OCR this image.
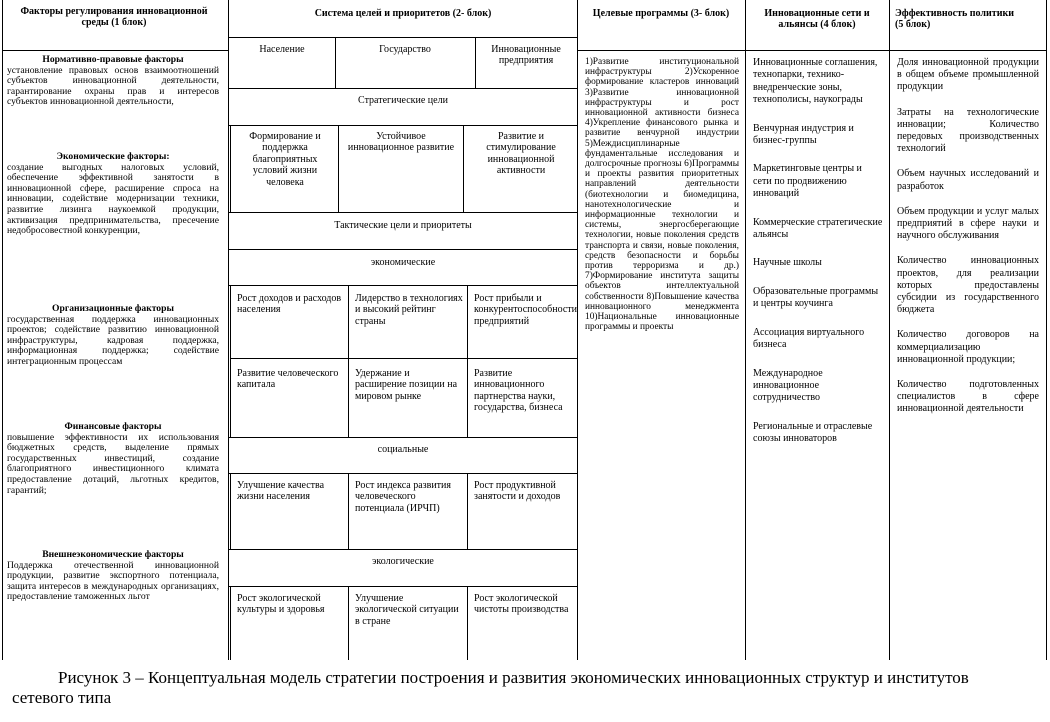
Факторы регулирования инновационной среды (1 блок)
Нормативно-правовые факторы
установление правовых основ взаимоотношений субъектов инновационной деятельности, гарантирование охраны прав и интересов субъектов инновационной деятельности,
Экономические факторы:
создание выгодных налоговых условий, обеспечение эффективной занятости в инновационной сфере, расширение спроса на инновации, содействие модернизации техники, развитие лизинга наукоемкой продукции, активизация предпринимательства, пресечение недобросовестной конкуренции,
Организационные факторы
государственная поддержка инновационных проектов; содействие развитию инновационной инфраструктуры, кадровая поддержка, информационная поддержка; содействие интеграционным процессам
Финансовые факторы
повышение эффективности их использования бюджетных средств, выделение прямых государственных инвестиций, создание благоприятного инвестиционного климата предоставление дотаций, льготных кредитов, гарантий;
Внешнеэкономические факторы
Поддержка отечественной инновационной продукции, развитие экспортного потенциала, защита интересов в международных организациях, предоставление таможенных льгот
Система целей и приоритетов (2- блок)
Население	Государство	Инновационные предприятия
Стратегические цели
Формирование и поддержка благоприятных условий жизни человека
Устойчивое инновационное развитие
Развитие и стимулирование инновационной активности
Тактические цели и приоритеты
экономические
Рост доходов и расходов населения
Лидерство в технологиях и высокий рейтинг страны
Рост прибыли и конкурентоспособности предприятий
Развитие человеческого капитала
Удержание и расширение позиции на мировом рынке
Развитие инновационного партнерства науки, государства, бизнеса
социальные
Улучшение качества жизни населения
Рост индекса развития человеческого потенциала (ИРЧП)
Рост продуктивной занятости и доходов
экологические
Рост экологической культуры и здоровья
Улучшение экологической ситуации в стране
Рост экологической чистоты производства
Целевые программы (3- блок)
1)Развитие институциональной инфраструктуры 2)Ускоренное формирование кластеров инноваций 3)Развитие инновационной инфраструктуры и рост инновационной активности бизнеса 4)Укрепление финансового рынка и развитие венчурной индустрии 5)Междисциплинарные фундаментальные исследования и долгосрочные прогнозы 6)Программы и проекты развития приоритетных направлений деятельности (биотехнологии и биомедицина, нанотехнологические и информационные технологии и системы, энергосберегающие технологии, новые поколения средств транспорта и связи, новые поколения, средств безопасности и борьбы против терроризма и др.) 7)Формирование института защиты объектов интеллектуальной собственности 8)Повышение качества инновационного менеджмента 10)Национальные инновационные программы и проекты
Инновационные сети и альянсы (4 блок)
Инновационные соглашения, технопарки, технико-внедренческие зоны, технополисы, наукограды
Венчурная индустрия и бизнес-группы
Маркетинговые центры и сети по продвижению инноваций
Коммерческие стратегические альянсы
Научные школы
Образовательные программы и центры коучинга
Ассоциация виртуального бизнеса
Международное инновационное сотрудничество
Региональные и отраслевые союзы инноваторов
Эффективность политики (5 блок)
Доля инновационной продукции в общем объеме промышленной продукции
Затраты на технологические инновации; Количество передовых производственных технологий
Объем научных исследований и разработок
Объем продукции и услуг малых предприятий в сфере науки и научного обслуживания
Количество инновационных проектов, для реализации которых предоставлены субсидии из государственного бюджета
Количество договоров на коммерциализацию инновационной продукции;
Количество подготовленных специалистов в сфере инновационной деятельности
Рисунок 3 – Концептуальная модель стратегии построения и развития экономических инновационных структур и институтов сетевого типа
